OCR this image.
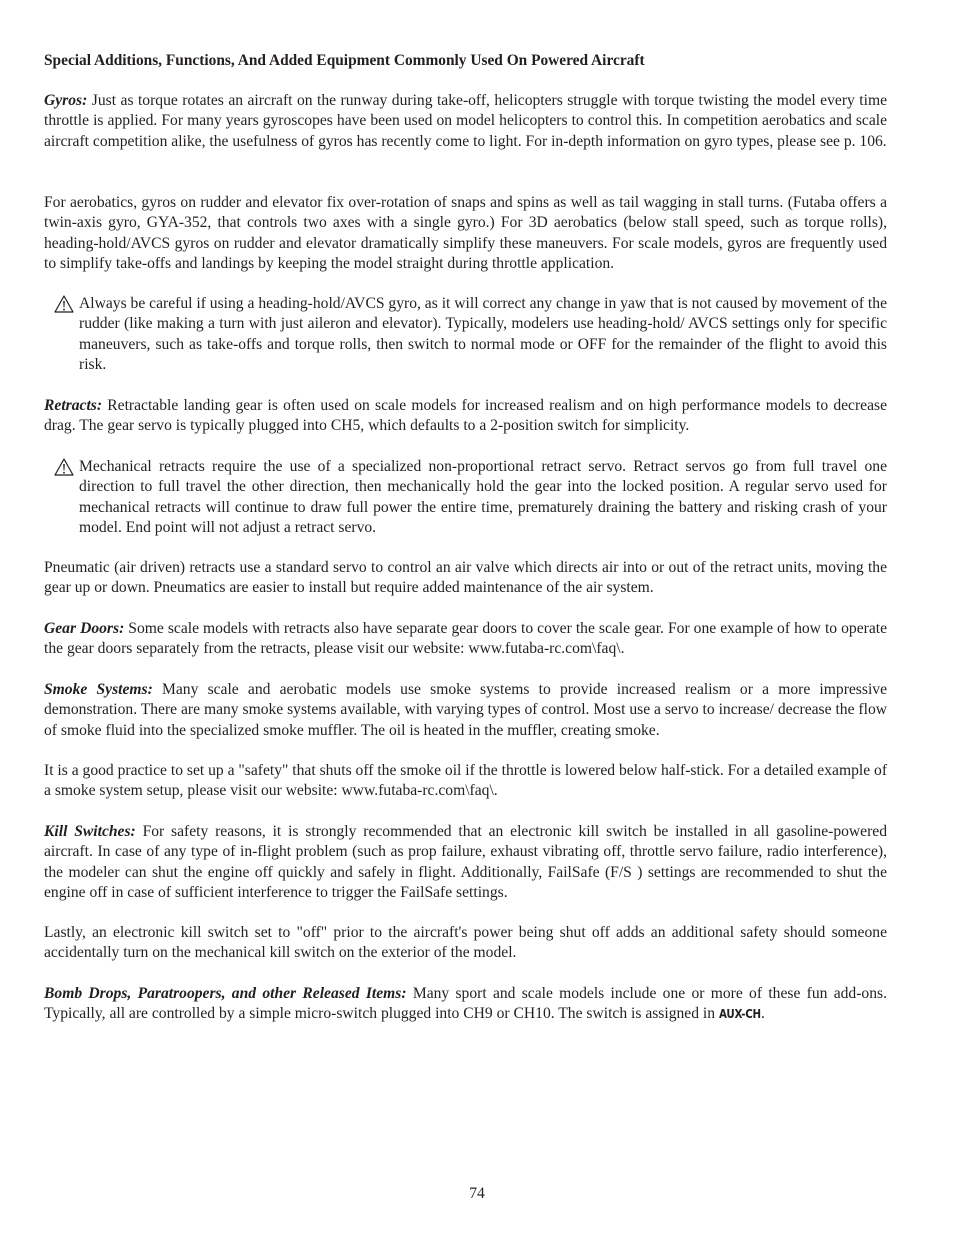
Special Additions, Functions, And Added Equipment Commonly Used On Powered Aircraft

Gyros: Just as torque rotates an aircraft on the runway during take-off, helicopters struggle with torque twisting the model every time throttle is applied. For many years gyroscopes have been used on model helicopters to control this. In competition aerobatics and scale aircraft competition alike, the usefulness of gyros has recently come to light. For in-depth information on gyro types, please see p. 106.

For aerobatics, gyros on rudder and elevator fix over-rotation of snaps and spins as well as tail wagging in stall turns. (Futaba offers a twin-axis gyro, GYA-352, that controls two axes with a single gyro.) For 3D aerobatics (below stall speed, such as torque rolls), heading-hold/AVCS gyros on rudder and elevator dramatically simplify these maneuvers. For scale models, gyros are frequently used to simplify take-offs and landings by keeping the model straight during throttle application.

Always be careful if using a heading-hold/AVCS gyro, as it will correct any change in yaw that is not caused by movement of the rudder (like making a turn with just aileron and elevator). Typically, modelers use heading-hold/ AVCS settings only for specific maneuvers, such as take-offs and torque rolls, then switch to normal mode or OFF for the remainder of the flight to avoid this risk.

Retracts: Retractable landing gear is often used on scale models for increased realism and on high performance models to decrease drag. The gear servo is typically plugged into CH5, which defaults to a 2-position switch for simplicity.

Mechanical retracts require the use of a specialized non-proportional retract servo. Retract servos go from full travel one direction to full travel the other direction, then mechanically hold the gear into the locked position. A regular servo used for mechanical retracts will continue to draw full power the entire time, prematurely draining the battery and risking crash of your model. End point will not adjust a retract servo.

Pneumatic (air driven) retracts use a standard servo to control an air valve which directs air into or out of the retract units, moving the gear up or down. Pneumatics are easier to install but require added maintenance of the air system.

Gear Doors: Some scale models with retracts also have separate gear doors to cover the scale gear. For one example of how to operate the gear doors separately from the retracts, please visit our website: www.futaba-rc.com\faq\.

Smoke Systems: Many scale and aerobatic models use smoke systems to provide increased realism or a more impressive demonstration. There are many smoke systems available, with varying types of control. Most use a servo to increase/ decrease the flow of smoke fluid into the specialized smoke muffler. The oil is heated in the muffler, creating smoke.

It is a good practice to set up a "safety" that shuts off the smoke oil if the throttle is lowered below half-stick. For a detailed example of a smoke system setup, please visit our website: www.futaba-rc.com\faq\.

Kill Switches: For safety reasons, it is strongly recommended that an electronic kill switch be installed in all gasoline-powered aircraft. In case of any type of in-flight problem (such as prop failure, exhaust vibrating off, throttle servo failure, radio interference), the modeler can shut the engine off quickly and safely in flight. Additionally, FailSafe (F/S ) settings are recommended to shut the engine off in case of sufficient interference to trigger the FailSafe settings.

Lastly, an electronic kill switch set to "off" prior to the aircraft's power being shut off adds an additional safety should someone accidentally turn on the mechanical kill switch on the exterior of the model.

Bomb Drops, Paratroopers, and other Released Items: Many sport and scale models include one or more of these fun add-ons. Typically, all are controlled by a simple micro-switch plugged into CH9 or CH10. The switch is assigned in AUX-CH.

74
